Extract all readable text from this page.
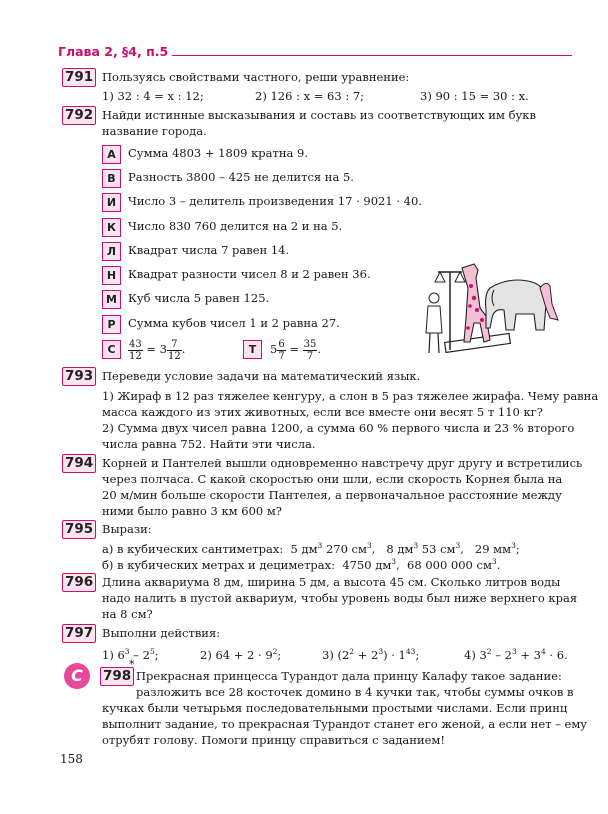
Глава 2, §4, п.5
791 Пользуясь свойствами частного, реши уравнение:
1) 32 : 4 = x : 12;	2) 126 : x = 63 : 7;	3) 90 : 15 = 30 : x.
792 Найди истинные высказывания и составь из соответствующих им букв
название города.
А	Сумма 4803 + 1809 кратна 9.
В	Разность 3800 – 425 не делится на 5.
И	Число 3 – делитель произведения 17 · 9021 · 40.
К	Число 830 760 делится на 2 и на 5.
Л	Квадрат числа 7 равен 14.
Н	Квадрат разности чисел 8 и 2 равен 36.
М Куб числа 5 равен 125.
Р	Сумма кубов чисел 1 и 2 равна 27.
С	$\frac{43}{12} = 3 \frac{7}{12}$ .	Т	$5 \frac{6}{7} = \frac{35}{7}$ .
793 Переведи условие задачи на математический язык.
1) Жираф в 12 раз тяжелее кенгуру, а слон в 5 раз тяжелее жирафа. Чему равна
масса каждого из этих животных, если все вместе они весят 5 т 110 кг?
2) Сумма двух чисел равна 1200, а сумма 60 % первого числа и 23 % второго
числа равна 752. Найти эти числа.
794 Корней и Пантелей вышли одновременно навстречу друг другу и встретились
через полчаса. С какой скоростью они шли, если скорость Корнея была на
20 м/мин больше скорости Пантелея, а первоначальное расстояние между
ними было равно 3 км 600 м?
795 Вырази:
а) в кубических сантиметрах: 5 $дм^3$ 270 $см^3$,   8 $дм^3$ 53 $см^3$,   29 $мм^3$;
б) в кубических метрах и дециметрах: 4750 $дм^3$,  68 000 000 $см^3$.
796 Длина аквариума 8 дм, ширина 5 дм, а высота 45 см. Сколько литров воды
надо налить в пустой аквариум, чтобы уровень воды был ниже верхнего края
на 8 см?
797 Выполни действия:
1) $6^3 - 2^5$;	2) $64 + 2 \cdot 9^2$;	3) $(2^2 + 2^3) \cdot 1^{43}$;	4) $3^2 - 2^3 + 3^4 \cdot 6$.
C	798
*
Прекрасная принцесса Турандот дала принцу Калафу такое задание:
разложить все 28 косточек домино в 4 кучки так, чтобы суммы очков в
кучках были четырьмя последовательными простыми числами. Если принц
выполнит задание, то прекрасная Турандот станет его женой, а если нет – ему
отрубят голову. Помоги принцу справиться с заданием!
158
